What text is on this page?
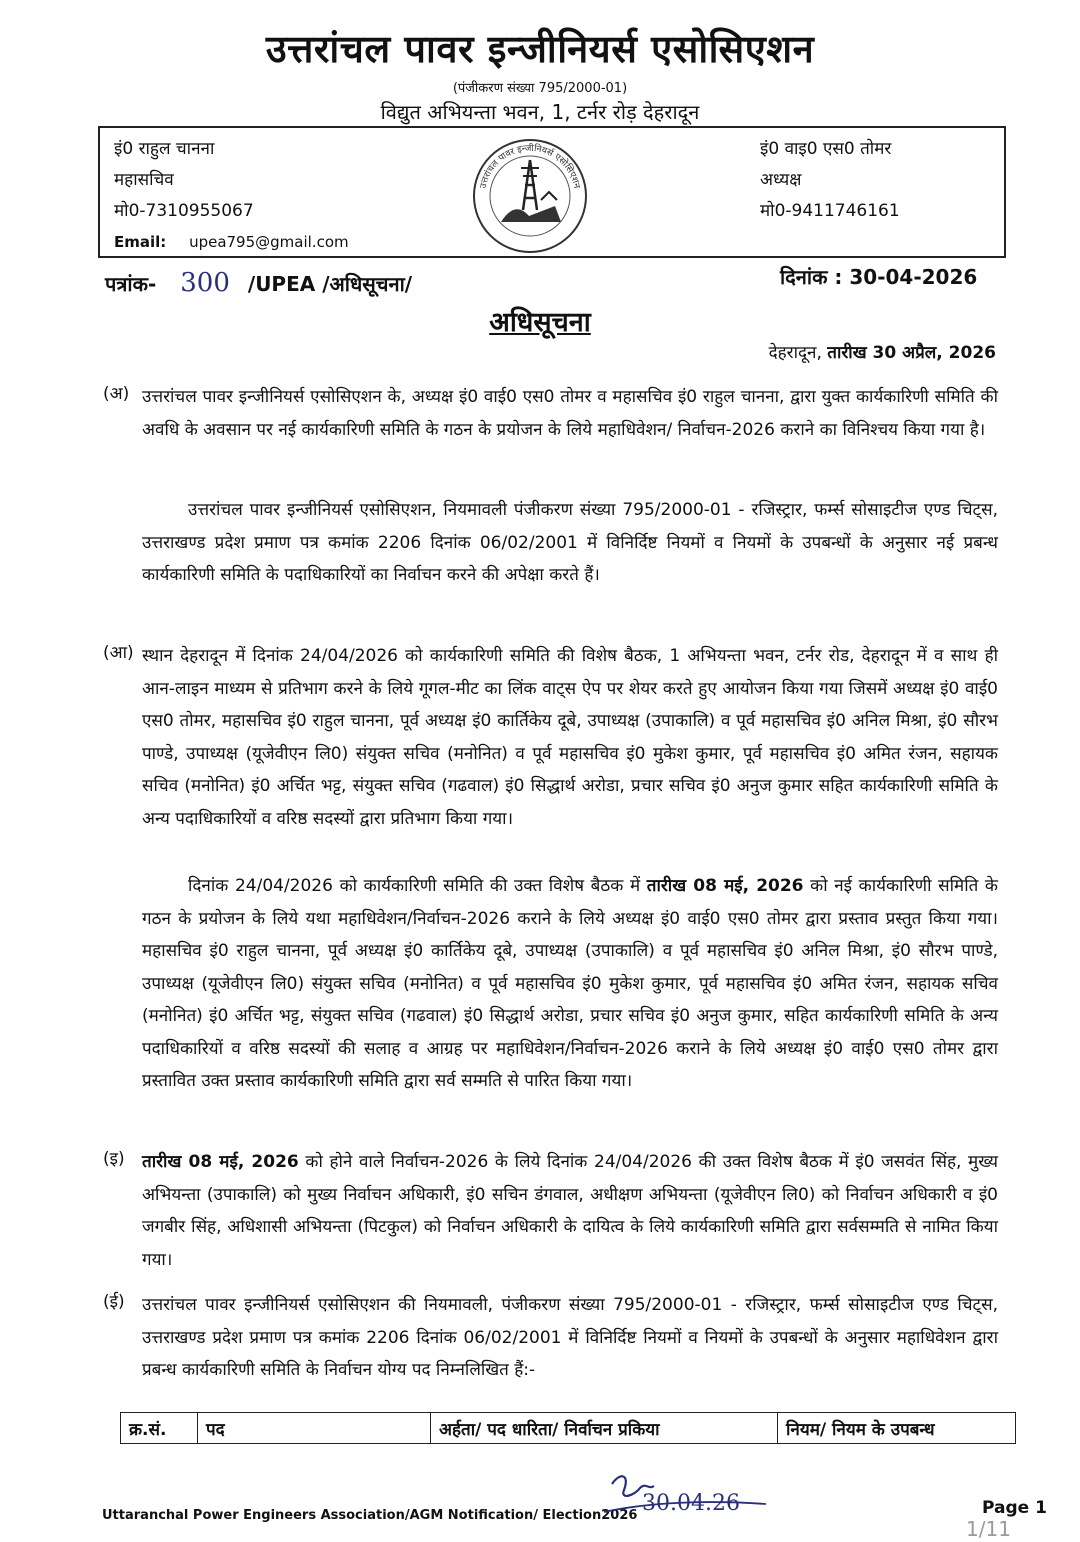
उत्तरांचल पावर इन्जीनियर्स एसोसिएशन
(पंजीकरण संख्या 795/2000-01)
विद्युत अभियन्ता भवन, 1, टर्नर रोड़ देहरादून
इं0 राहुल चानना
महासचिव
मो0-7310955067
Email: upea795@gmail.com
उत्तरांचल पावर इन्जीनियर्स एसोसिएशन
इं0 वाइ0 एस0 तोमर
अध्यक्ष
मो0-9411746161
पत्रांक- 300 /UPEA /अधिसूचना/	दिनांक : 30-04-2026
अधिसूचना
देहरादून, तारीख 30 अप्रैल, 2026
(अ) उत्तरांचल पावर इन्जीनियर्स एसोसिएशन के, अध्यक्ष इं0 वाई0 एस0 तोमर व महासचिव इं0 राहुल चानना, द्वारा युक्त कार्यकारिणी समिति की अवधि के अवसान पर नई कार्यकारिणी समिति के गठन के प्रयोजन के लिये महाधिवेशन/ निर्वाचन-2026 कराने का विनिश्चय किया गया है।

उत्तरांचल पावर इन्जीनियर्स एसोसिएशन, नियमावली पंजीकरण संख्या 795/2000-01 - रजिस्ट्रार, फर्म्स सोसाइटीज एण्ड चिट्स, उत्तराखण्ड प्रदेश प्रमाण पत्र कमांक 2206 दिनांक 06/02/2001 में विनिर्दिष्ट नियमों व नियमों के उपबन्धों के अनुसार नई प्रबन्ध कार्यकारिणी समिति के पदाधिकारियों का निर्वाचन करने की अपेक्षा करते हैं।

(आ) स्थान देहरादून में दिनांक 24/04/2026 को कार्यकारिणी समिति की विशेष बैठक, 1 अभियन्ता भवन, टर्नर रोड, देहरादून में व साथ ही आन-लाइन माध्यम से प्रतिभाग करने के लिये गूगल-मीट का लिंक वाट्स ऐप पर शेयर करते हुए आयोजन किया गया जिसमें अध्यक्ष इं0 वाई0 एस0 तोमर, महासचिव इं0 राहुल चानना, पूर्व अध्यक्ष इं0 कार्तिकेय दूबे, उपाध्यक्ष (उपाकालि) व पूर्व महासचिव इं0 अनिल मिश्रा, इं0 सौरभ पाण्डे, उपाध्यक्ष (यूजेवीएन लि0) संयुक्त सचिव (मनोनित) व पूर्व महासचिव इं0 मुकेश कुमार, पूर्व महासचिव इं0 अमित रंजन, सहायक सचिव (मनोनित) इं0 अर्चित भट्ट, संयुक्त सचिव (गढवाल) इं0 सिद्धार्थ अरोडा, प्रचार सचिव इं0 अनुज कुमार सहित कार्यकारिणी समिति के अन्य पदाधिकारियों व वरिष्ठ सदस्यों द्वारा प्रतिभाग किया गया।

दिनांक 24/04/2026 को कार्यकारिणी समिति की उक्त विशेष बैठक में तारीख 08 मई, 2026 को नई कार्यकारिणी समिति के गठन के प्रयोजन के लिये यथा महाधिवेशन/निर्वाचन-2026 कराने के लिये अध्यक्ष इं0 वाई0 एस0 तोमर द्वारा प्रस्ताव प्रस्तुत किया गया। महासचिव इं0 राहुल चानना, पूर्व अध्यक्ष इं0 कार्तिकेय दूबे, उपाध्यक्ष (उपाकालि) व पूर्व महासचिव इं0 अनिल मिश्रा, इं0 सौरभ पाण्डे, उपाध्यक्ष (यूजेवीएन लि0) संयुक्त सचिव (मनोनित) व पूर्व महासचिव इं0 मुकेश कुमार, पूर्व महासचिव इं0 अमित रंजन, सहायक सचिव (मनोनित) इं0 अर्चित भट्ट, संयुक्त सचिव (गढवाल) इं0 सिद्धार्थ अरोडा, प्रचार सचिव इं0 अनुज कुमार, सहित कार्यकारिणी समिति के अन्य पदाधिकारियों व वरिष्ठ सदस्यों की सलाह व आग्रह पर महाधिवेशन/निर्वाचन-2026 कराने के लिये अध्यक्ष इं0 वाई0 एस0 तोमर द्वारा प्रस्तावित उक्त प्रस्ताव कार्यकारिणी समिति द्वारा सर्व सम्मति से पारित किया गया।

(इ) तारीख 08 मई, 2026 को होने वाले निर्वाचन-2026 के लिये दिनांक 24/04/2026 की उक्त विशेष बैठक में इं0 जसवंत सिंह, मुख्य अभियन्ता (उपाकालि) को मुख्य निर्वाचन अधिकारी, इं0 सचिन डंगवाल, अधीक्षण अभियन्ता (यूजेवीएन लि0) को निर्वाचन अधिकारी व इं0 जगबीर सिंह, अधिशासी अभियन्ता (पिटकुल) को निर्वाचन अधिकारी के दायित्व के लिये कार्यकारिणी समिति द्वारा सर्वसम्मति से नामित किया गया।

(ई) उत्तरांचल पावर इन्जीनियर्स एसोसिएशन की नियमावली, पंजीकरण संख्या 795/2000-01 - रजिस्ट्रार, फर्म्स सोसाइटीज एण्ड चिट्स, उत्तराखण्ड प्रदेश प्रमाण पत्र कमांक 2206 दिनांक 06/02/2001 में विनिर्दिष्ट नियमों व नियमों के उपबन्धों के अनुसार महाधिवेशन द्वारा प्रबन्ध कार्यकारिणी समिति के निर्वाचन योग्य पद निम्नलिखित हैं:-

क्र.सं.	पद	अर्हता/ पद धारिता/ निर्वाचन प्रकिया	नियम/ नियम के उपबन्ध
Uttaranchal Power Engineers Association/AGM Notification/ Election2026 30.04.26	Page 1
1/11
